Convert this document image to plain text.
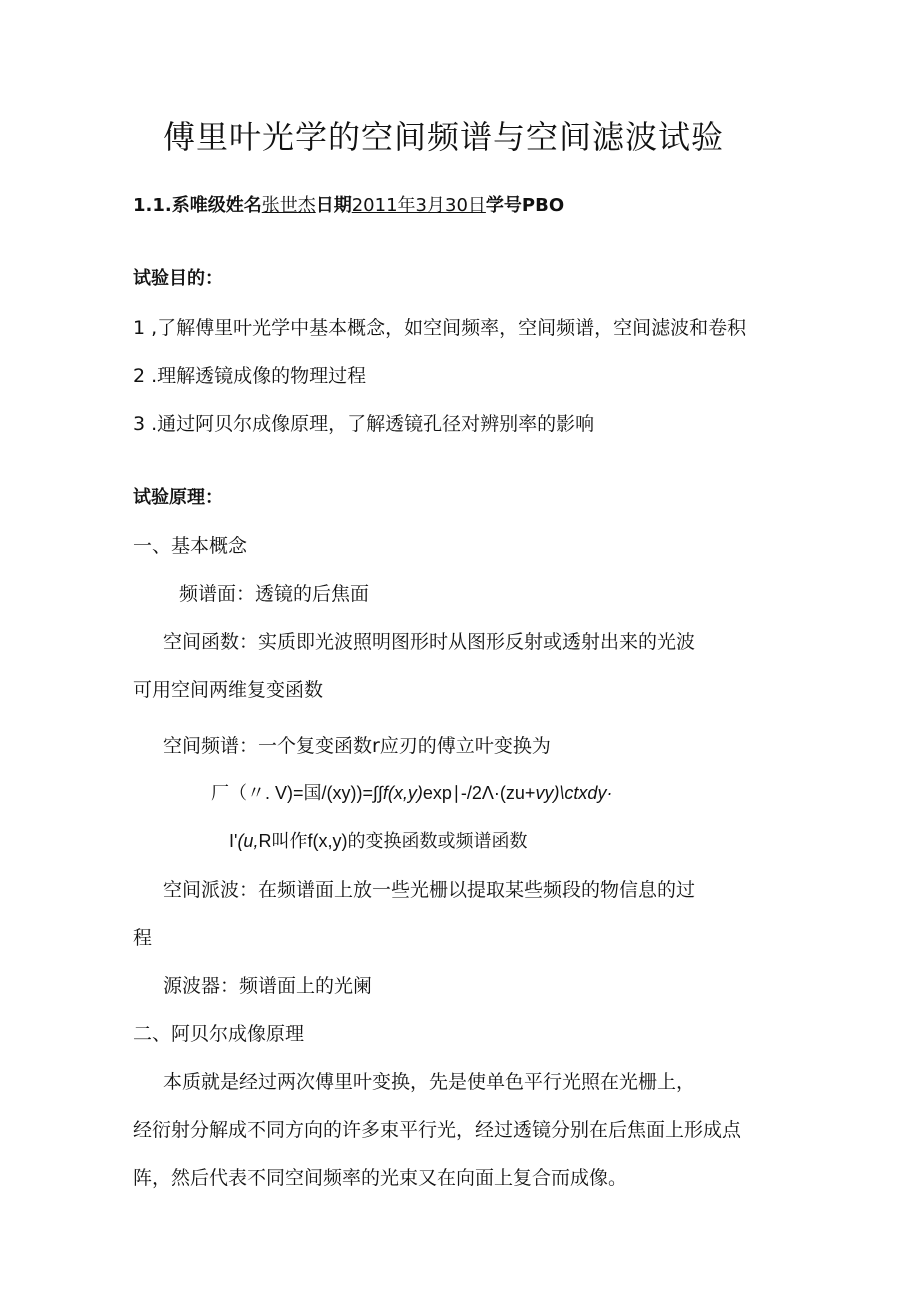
傅里叶光学的空间频谱与空间滤波试验
1.1.系唯级姓名张世杰日期2011年3月30日学号PBO
试验目的：
1 ,了解傅里叶光学中基本概念，如空间频率，空间频谱，空间滤波和卷积
2 .理解透镜成像的物理过程
3 .通过阿贝尔成像原理，了解透镜孔径对辨别率的影响
试验原理：
一、基本概念
频谱面：透镜的后焦面
空间函数：实质即光波照明图形时从图形反射或透射出来的光波
可用空间两维复变函数
空间频谱：一个复变函数r应刃的傅立叶变换为
厂（〃. V)=国/(xy))=∫∫f(x,y)exp∣-/2Λ·(zu+vy)\ctxdy·
I'(u,R叫作f(x,y)的变换函数或频谱函数
空间派波：在频谱面上放一些光栅以提取某些频段的物信息的过
程
源波器：频谱面上的光阑
二、阿贝尔成像原理
本质就是经过两次傅里叶变换，先是使单色平行光照在光栅上，
经衍射分解成不同方向的许多束平行光，经过透镜分别在后焦面上形成点
阵，然后代表不同空间频率的光束又在向面上复合而成像。
